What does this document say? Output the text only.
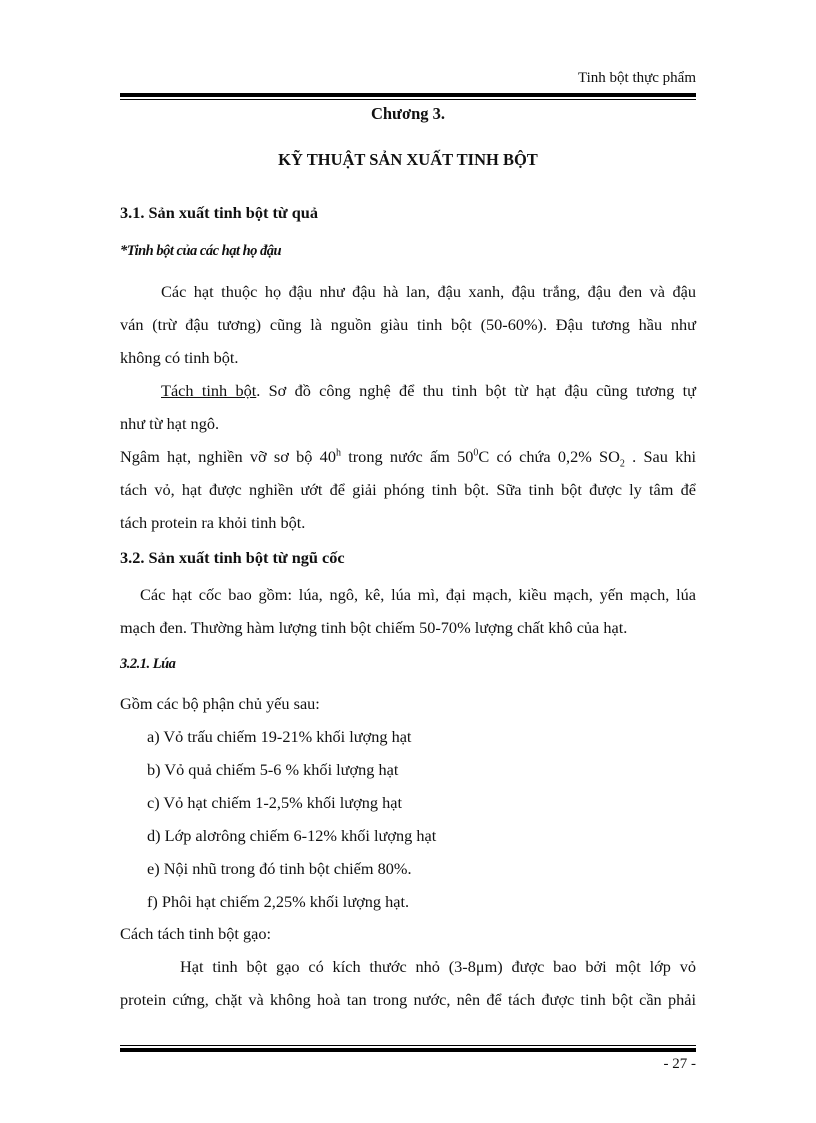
Tinh bột thực phẩm

Chương 3.

KỸ THUẬT SẢN XUẤT TINH BỘT

3.1. Sản xuất tinh bột từ quả

*Tinh bột của các hạt họ đậu

Các hạt thuộc họ đậu như đậu hà lan, đậu xanh, đậu trắng, đậu đen và đậu

ván (trừ đậu tương) cũng là nguồn giàu tinh bột (50-60%). Đậu tương hầu như

không có tinh bột.

Tách tinh bột. Sơ đồ công nghệ để thu tinh bột từ hạt đậu cũng tương tự

như từ hạt ngô.

Ngâm hạt, nghiền vỡ sơ bộ 40$^h$ trong nước ấm $50^0C$ có chứa 0,2% $SO_2$ . Sau khi

tách vỏ, hạt được nghiền ướt để giải phóng tinh bột. Sữa tinh bột được ly tâm để

tách protein ra khỏi tinh bột.

3.2. Sản xuất tinh bột từ ngũ cốc

Các hạt cốc bao gồm: lúa, ngô, kê, lúa mì, đại mạch, kiều mạch, yến mạch, lúa

mạch đen. Thường hàm lượng tinh bột chiếm 50-70% lượng chất khô của hạt.

3.2.1. Lúa

Gồm các bộ phận chủ yếu sau:

a) Vỏ trấu chiếm 19-21% khối lượng hạt

b) Vỏ quả chiếm 5-6 % khối lượng hạt

c) Vỏ hạt chiếm 1-2,5% khối lượng hạt

d) Lớp alơrông chiếm 6-12% khối lượng hạt

e) Nội nhũ trong đó tinh bột chiếm 80%.

f) Phôi hạt chiếm 2,25% khối lượng hạt.

Cách tách tinh bột gạo:

Hạt tinh bột gạo có kích thước nhỏ (3-8μm) được bao bởi một lớp vỏ

protein cứng, chặt và không hoà tan trong nước, nên để tách được tinh bột cần phải

- 27 -
